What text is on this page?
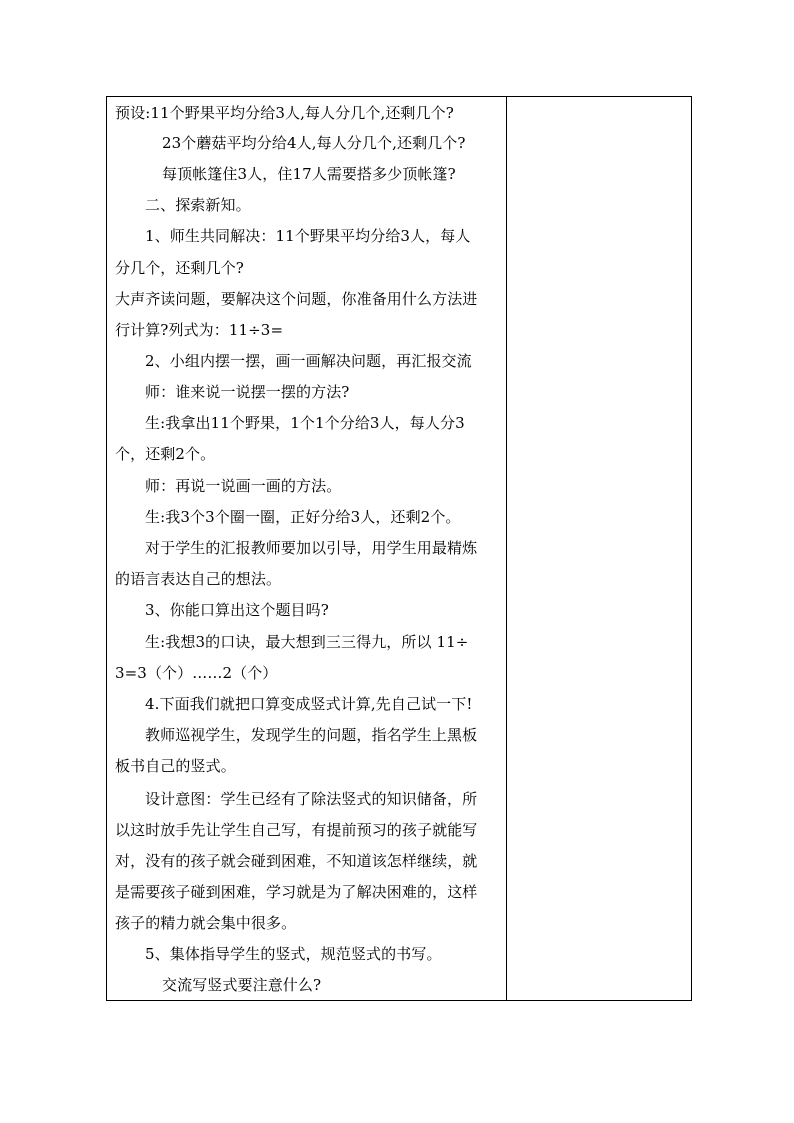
预设:11个野果平均分给3人,每人分几个,还剩几个?
23个蘑菇平均分给4人,每人分几个,还剩几个?
每顶帐篷住3人，住17人需要搭多少顶帐篷?
二、探索新知。
1、师生共同解决：11个野果平均分给3人，每人
分几个，还剩几个?
大声齐读问题，要解决这个问题，你准备用什么方法进
行计算?列式为：11÷3=
2、小组内摆一摆，画一画解决问题，再汇报交流
师：谁来说一说摆一摆的方法?
生:我拿出11个野果，1个1个分给3人，每人分3
个，还剩2个。
师：再说一说画一画的方法。
生:我3个3个圈一圈，正好分给3人，还剩2个。
对于学生的汇报教师要加以引导，用学生用最精炼
的语言表达自己的想法。
3、你能口算出这个题目吗?
生:我想3的口诀，最大想到三三得九，所以 11÷
3=3（个）……2（个）
4.下面我们就把口算变成竖式计算,先自己试一下!
教师巡视学生，发现学生的问题，指名学生上黑板
板书自己的竖式。
设计意图：学生已经有了除法竖式的知识储备，所
以这时放手先让学生自己写，有提前预习的孩子就能写
对，没有的孩子就会碰到困难，不知道该怎样继续，就
是需要孩子碰到困难，学习就是为了解决困难的，这样
孩子的精力就会集中很多。
5、集体指导学生的竖式，规范竖式的书写。
交流写竖式要注意什么?
